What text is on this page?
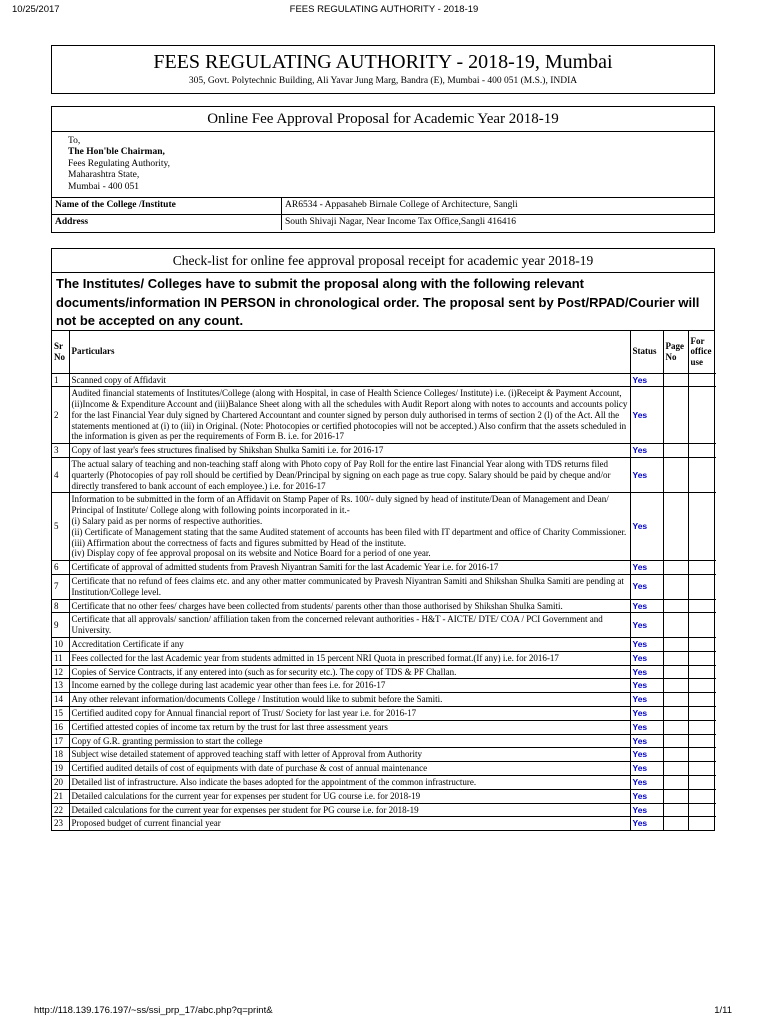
10/25/2017	FEES REGULATING AUTHORITY - 2018-19
FEES REGULATING AUTHORITY - 2018-19, Mumbai
305, Govt. Polytechnic Building, Ali Yavar Jung Marg, Bandra (E), Mumbai - 400 051 (M.S.), INDIA
Online Fee Approval Proposal for Academic Year 2018-19
To,
The Hon'ble Chairman,
Fees Regulating Authority,
Maharashtra State,
Mumbai - 400 051
Name of the College /Institute	AR6534 - Appasaheb Birnale College of Architecture, Sangli
Address	South Shivaji Nagar, Near Income Tax Office,Sangli 416416
Check-list for online fee approval proposal receipt for academic year 2018-19
The Institutes/ Colleges have to submit the proposal along with the following relevant documents/information IN PERSON in chronological order. The proposal sent by Post/RPAD/Courier will not be accepted on any count.
Sr No	Particulars	Status	Page No	For office use
1	Scanned copy of Affidavit	Yes		
2	Audited financial statements of Institutes/College (along with Hospital, in case of Health Science Colleges/ Institute) i.e. (i)Receipt & Payment Account, (ii)Income & Expenditure Account and (iii)Balance Sheet along with all the schedules with Audit Report along with notes to accounts and accounts policy for the last Financial Year duly signed by Chartered Accountant and counter signed by person duly authorised in terms of section 2 (l) of the Act. All the statements mentioned at (i) to (iii) in Original. (Note: Photocopies or certified photocopies will not be accepted.) Also confirm that the assets scheduled in the information is given as per the requirements of Form B. i.e. for 2016-17	Yes		
3	Copy of last year's fees structures finalised by Shikshan Shulka Samiti i.e. for 2016-17	Yes		
4	The actual salary of teaching and non-teaching staff along with Photo copy of Pay Roll for the entire last Financial Year along with TDS returns filed quarterly (Photocopies of pay roll should be certified by Dean/Principal by signing on each page as true copy. Salary should be paid by cheque and/or directly transfered to bank account of each employee.) i.e. for 2016-17	Yes		
5	Information to be submitted in the form of an Affidavit on Stamp Paper of Rs. 100/- duly signed by head of institute/Dean of Management and Dean/ Principal of Institute/ College along with following points incorporated in it.-
(i) Salary paid as per norms of respective authorities.
(ii) Certificate of Management stating that the same Audited statement of accounts has been filed with IT department and office of Charity Commissioner.
(iii) Affirmation about the correctness of facts and figures submitted by Head of the institute.
(iv) Display copy of fee approval proposal on its website and Notice Board for a period of one year.	Yes		
6	Certificate of approval of admitted students from Pravesh Niyantran Samiti for the last Academic Year i.e. for 2016-17	Yes		
7	Certificate that no refund of fees claims etc. and any other matter communicated by Pravesh Niyantran Samiti and Shikshan Shulka Samiti are pending at Institution/College level.	Yes		
8	Certificate that no other fees/ charges have been collected from students/ parents other than those authorised by Shikshan Shulka Samiti.	Yes		
9	Certificate that all approvals/ sanction/ affiliation taken from the concerned relevant authorities - H&T - AICTE/ DTE/ COA / PCI Government and University.	Yes		
10	Accreditation Certificate if any	Yes		
11	Fees collected for the last Academic year from students admitted in 15 percent NRI Quota in prescribed format.(If any) i.e. for 2016-17	Yes		
12	Copies of Service Contracts, if any entered into (such as for security etc.). The copy of TDS & PF Challan.	Yes		
13	Income earned by the college during last academic year other than fees i.e. for 2016-17	Yes		
14	Any other relevant information/documents College / Institution would like to submit before the Samiti.	Yes		
15	Certified audited copy for Annual financial report of Trust/ Society for last year i.e. for 2016-17	Yes		
16	Certified attested copies of income tax return by the trust for last three assessment years	Yes		
17	Copy of G.R. granting permission to start the college	Yes		
18	Subject wise detailed statement of approved teaching staff with letter of Approval from Authority	Yes		
19	Certified audited details of cost of equipments with date of purchase & cost of annual maintenance	Yes		
20	Detailed list of infrastructure. Also indicate the bases adopted for the appointment of the common infrastructure.	Yes		
21	Detailed calculations for the current year for expenses per student for UG course i.e. for 2018-19	Yes		
22	Detailed calculations for the current year for expenses per student for PG course i.e. for 2018-19	Yes		
23	Proposed budget of current financial year	Yes		
http://118.139.176.197/~ss/ssi_prp_17/abc.php?q=print&	1/11
